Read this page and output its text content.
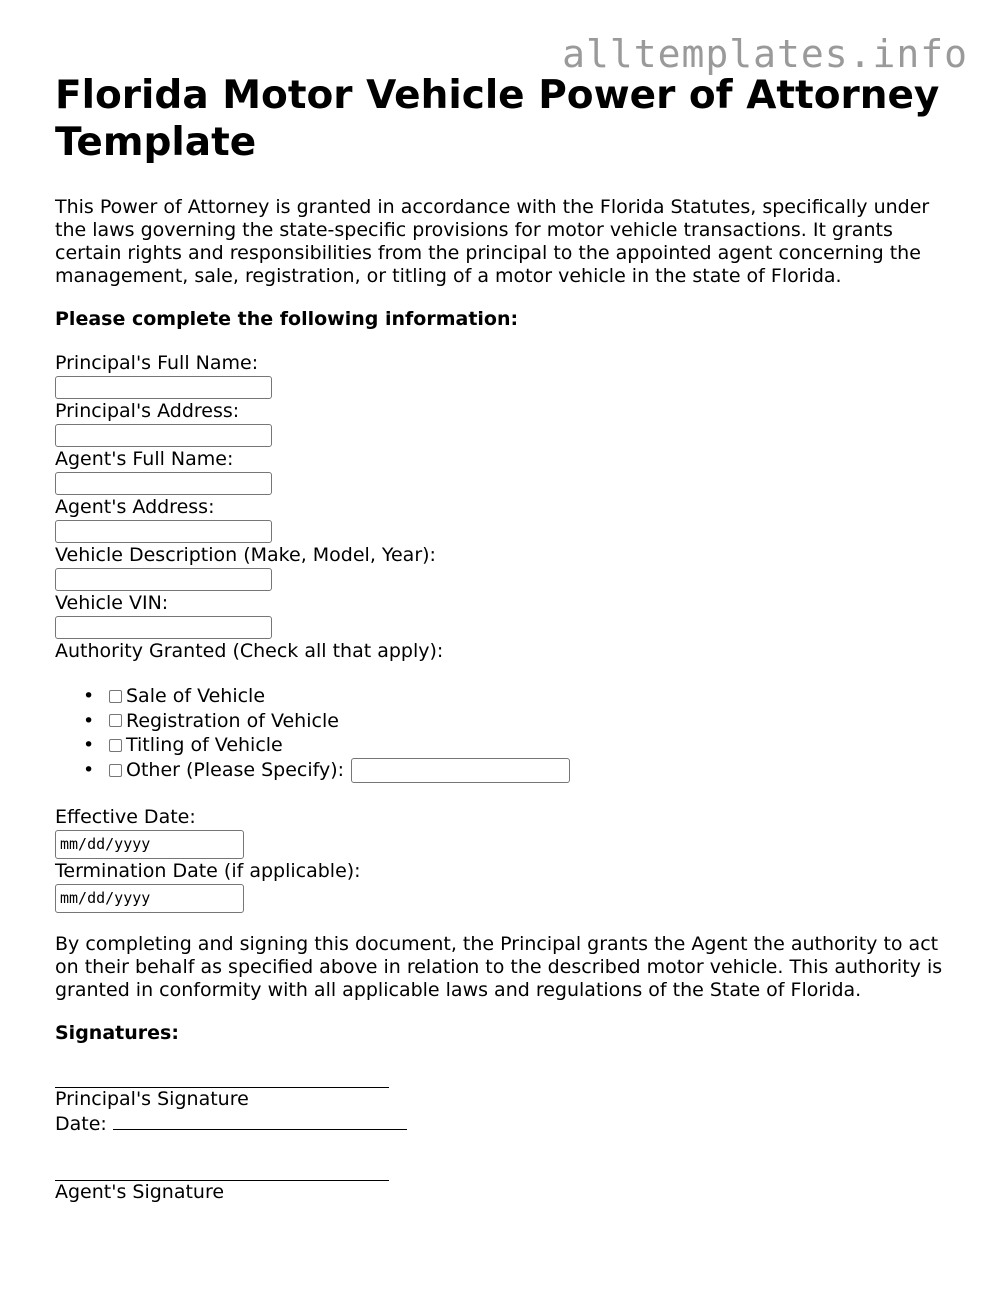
alltemplates.info
Florida Motor Vehicle Power of Attorney Template

This Power of Attorney is granted in accordance with the Florida Statutes, specifically under the laws governing the state-specific provisions for motor vehicle transactions. It grants certain rights and responsibilities from the principal to the appointed agent concerning the management, sale, registration, or titling of a motor vehicle in the state of Florida.

Please complete the following information:
Principal's Full Name:
Principal's Address:
Agent's Full Name:
Agent's Address:
Vehicle Description (Make, Model, Year):
Vehicle VIN:
Authority Granted (Check all that apply):
• Sale of Vehicle
• Registration of Vehicle
• Titling of Vehicle
• Other (Please Specify):
Effective Date:
mm/dd/yyyy
Termination Date (if applicable):
mm/dd/yyyy

By completing and signing this document, the Principal grants the Agent the authority to act on their behalf as specified above in relation to the described motor vehicle. This authority is granted in conformity with all applicable laws and regulations of the State of Florida.

Signatures:
Principal's Signature
Date:
Agent's Signature
